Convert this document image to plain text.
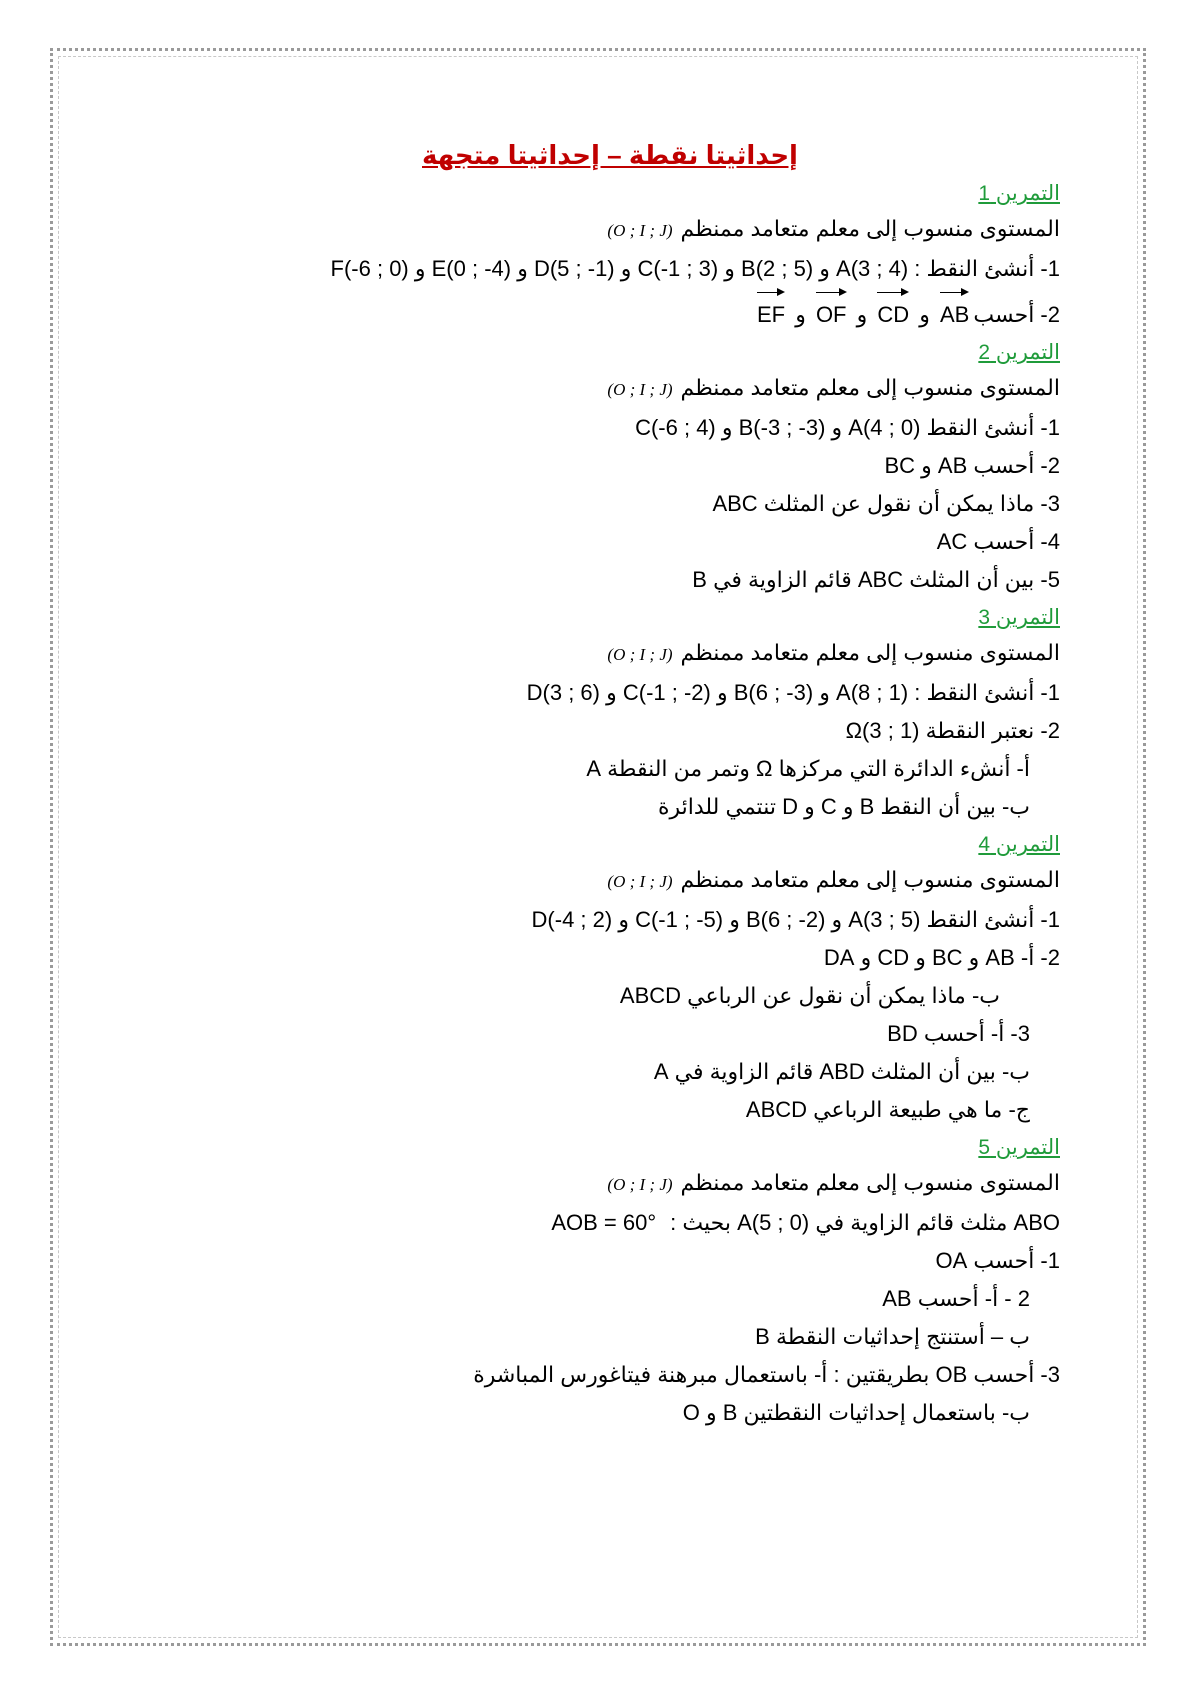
إحداثيتا نقطة – إحداثيتا متجهة
التمرين 1
المستوى منسوب إلى معلم متعامد ممنظم(O ; I ; J)
1- أنشئ النقط : A(3 ; 4) و B(2 ; 5) و C(-1 ; 3) و D(5 ; -1) و E(0 ; -4) و F(-6 ; 0)
2- أحسبAB و CD و OF و EF
التمرين 2
المستوى منسوب إلى معلم متعامد ممنظم(O ; I ; J)
1- أنشئ النقط A(4 ; 0) و B(-3 ; -3) و C(-6 ; 4)
2- أحسب AB و BC
3- ماذا يمكن أن نقول عن المثلث ABC
4- أحسب AC
5- بين أن المثلث ABC قائم الزاوية في B
التمرين 3
المستوى منسوب إلى معلم متعامد ممنظم(O ; I ; J)
1- أنشئ النقط : A(8 ; 1) و B(6 ; -3) و C(-1 ; -2) و D(3 ; 6)
2- نعتبر النقطة Ω(3 ; 1)
أ- أنشء الدائرة التي مركزها Ω وتمر من النقطة A
ب- بين أن النقط B و C و D تنتمي للدائرة
التمرين 4
المستوى منسوب إلى معلم متعامد ممنظم(O ; I ; J)
1- أنشئ النقط A(3 ; 5) و B(6 ; -2) و C(-1 ; -5) و D(-4 ; 2)
2- أ- AB و BC و CD و DA
ب- ماذا يمكن أن نقول عن الرباعي ABCD
3- أ- أحسب BD
ب- بين أن المثلث ABD قائم الزاوية في A
ج- ما هي طبيعة الرباعي ABCD
التمرين 5
المستوى منسوب إلى معلم متعامد ممنظم(O ; I ; J)
ABO مثلث قائم الزاوية في A(5 ; 0) بحيث :AOB = 60°
1- أحسب OA
2 - أ- أحسب AB
ب – أستنتج إحداثيات النقطة B
3- أحسب OB بطريقتين : أ- باستعمال مبرهنة فيتاغورس المباشرة
ب- باستعمال إحداثيات النقطتين B و O
